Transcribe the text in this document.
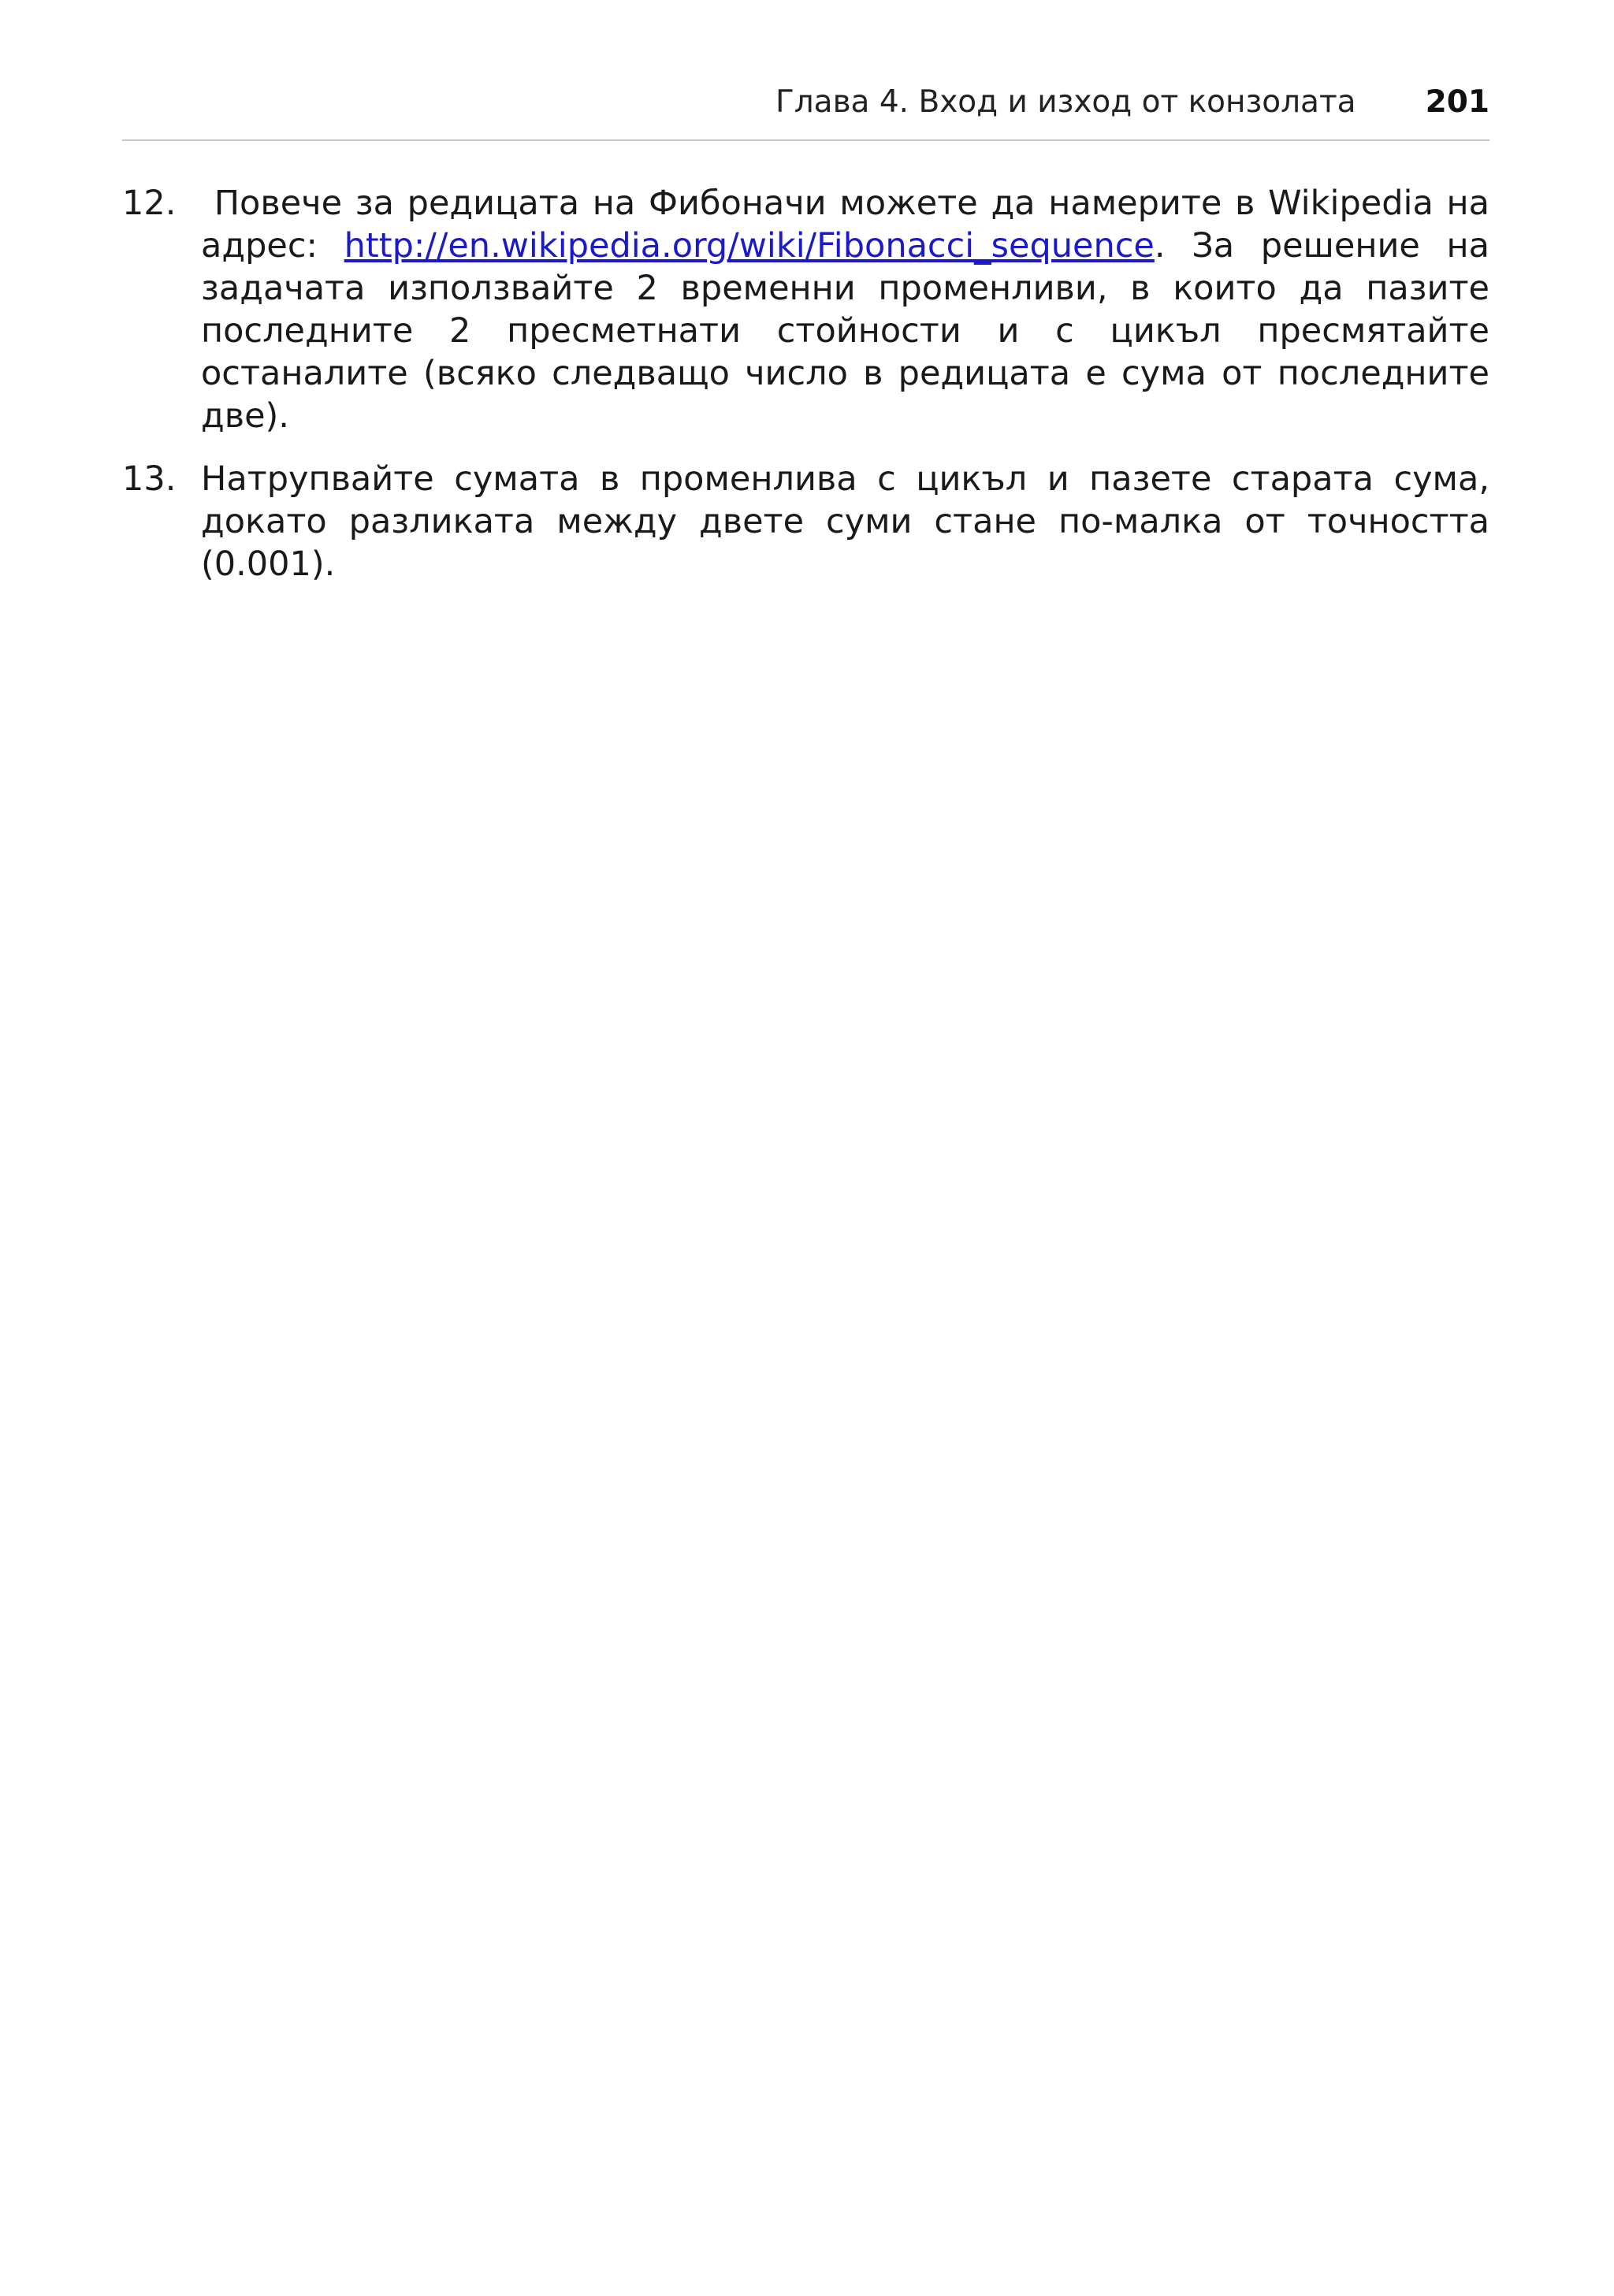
Глава 4. Вход и изход от конзолата 201
12. Повече за редицата на Фибоначи можете да намерите в Wikipedia на адрес: http://en.wikipedia.org/wiki/Fibonacci_sequence. За решение на задачата използвайте 2 временни променливи, в които да пазите последните 2 пресметнати стойности и с цикъл пресмятайте останалите (всяко следващо число в редицата е сума от последните две).
13. Натрупвайте сумата в променлива с цикъл и пазете старата сума, докато разликата между двете суми стане по-малка от точността (0.001).
